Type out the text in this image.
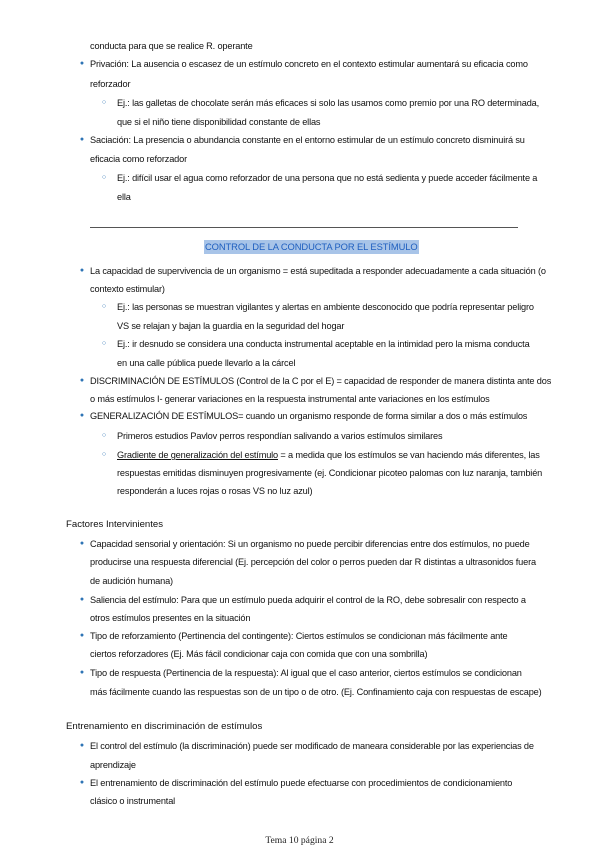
conducta para que se realice R. operante
● Privación: La ausencia o escasez de un estímulo concreto en el contexto estimular aumentará su eficacia como
reforzador
○ Ej.: las galletas de chocolate serán más eficaces si solo las usamos como premio por una RO determinada,
que si el niño tiene disponibilidad constante de ellas
● Saciación: La presencia o abundancia constante en el entorno estimular de un estímulo concreto disminuirá su
eficacia como reforzador
○ Ej.: difícil usar el agua como reforzador de una persona que no está sedienta y puede acceder fácilmente a
ella
CONTROL DE LA CONDUCTA POR EL ESTÍMULO
● La capacidad de supervivencia de un organismo = está supeditada a responder adecuadamente a cada situación (o
contexto estimular)
○ Ej.: las personas se muestran vigilantes y alertas en ambiente desconocido que podría representar peligro
VS se relajan y bajan la guardia en la seguridad del hogar
○ Ej.: ir desnudo se considera una conducta instrumental aceptable en la intimidad pero la misma conducta
en una calle pública puede llevarlo a la cárcel
● DISCRIMINACIÓN DE ESTÍMULOS (Control de la C por el E) = capacidad de responder de manera distinta ante dos
o más estímulos I- generar variaciones en la respuesta instrumental ante variaciones en los estímulos
● GENERALIZACIÓN DE ESTÍMULOS= cuando un organismo responde de forma similar a dos o más estímulos
○ Primeros estudios Pavlov perros respondían salivando a varios estímulos similares
○ Gradiente de generalización del estímulo = a medida que los estímulos se van haciendo más diferentes, las
respuestas emitidas disminuyen progresivamente (ej. Condicionar picoteo palomas con luz naranja, también
responderán a luces rojas o rosas VS no luz azul)
Factores Intervinientes
● Capacidad sensorial y orientación: Si un organismo no puede percibir diferencias entre dos estímulos, no puede
producirse una respuesta diferencial (Ej. percepción del color o perros pueden dar R distintas a ultrasonidos fuera
de audición humana)
● Saliencia del estímulo: Para que un estímulo pueda adquirir el control de la RO, debe sobresalir con respecto a
otros estímulos presentes en la situación
● Tipo de reforzamiento (Pertinencia del contingente): Ciertos estímulos se condicionan más fácilmente ante
ciertos reforzadores (Ej. Más fácil condicionar caja con comida que con una sombrilla)
● Tipo de respuesta (Pertinencia de la respuesta): Al igual que el caso anterior, ciertos estímulos se condicionan
más fácilmente cuando las respuestas son de un tipo o de otro. (Ej. Confinamiento caja con respuestas de escape)
Entrenamiento en discriminación de estímulos
● El control del estímulo (la discriminación) puede ser modificado de maneara considerable por las experiencias de
aprendizaje
● El entrenamiento de discriminación del estímulo puede efectuarse con procedimientos de condicionamiento
clásico o instrumental
Tema 10 página 2
